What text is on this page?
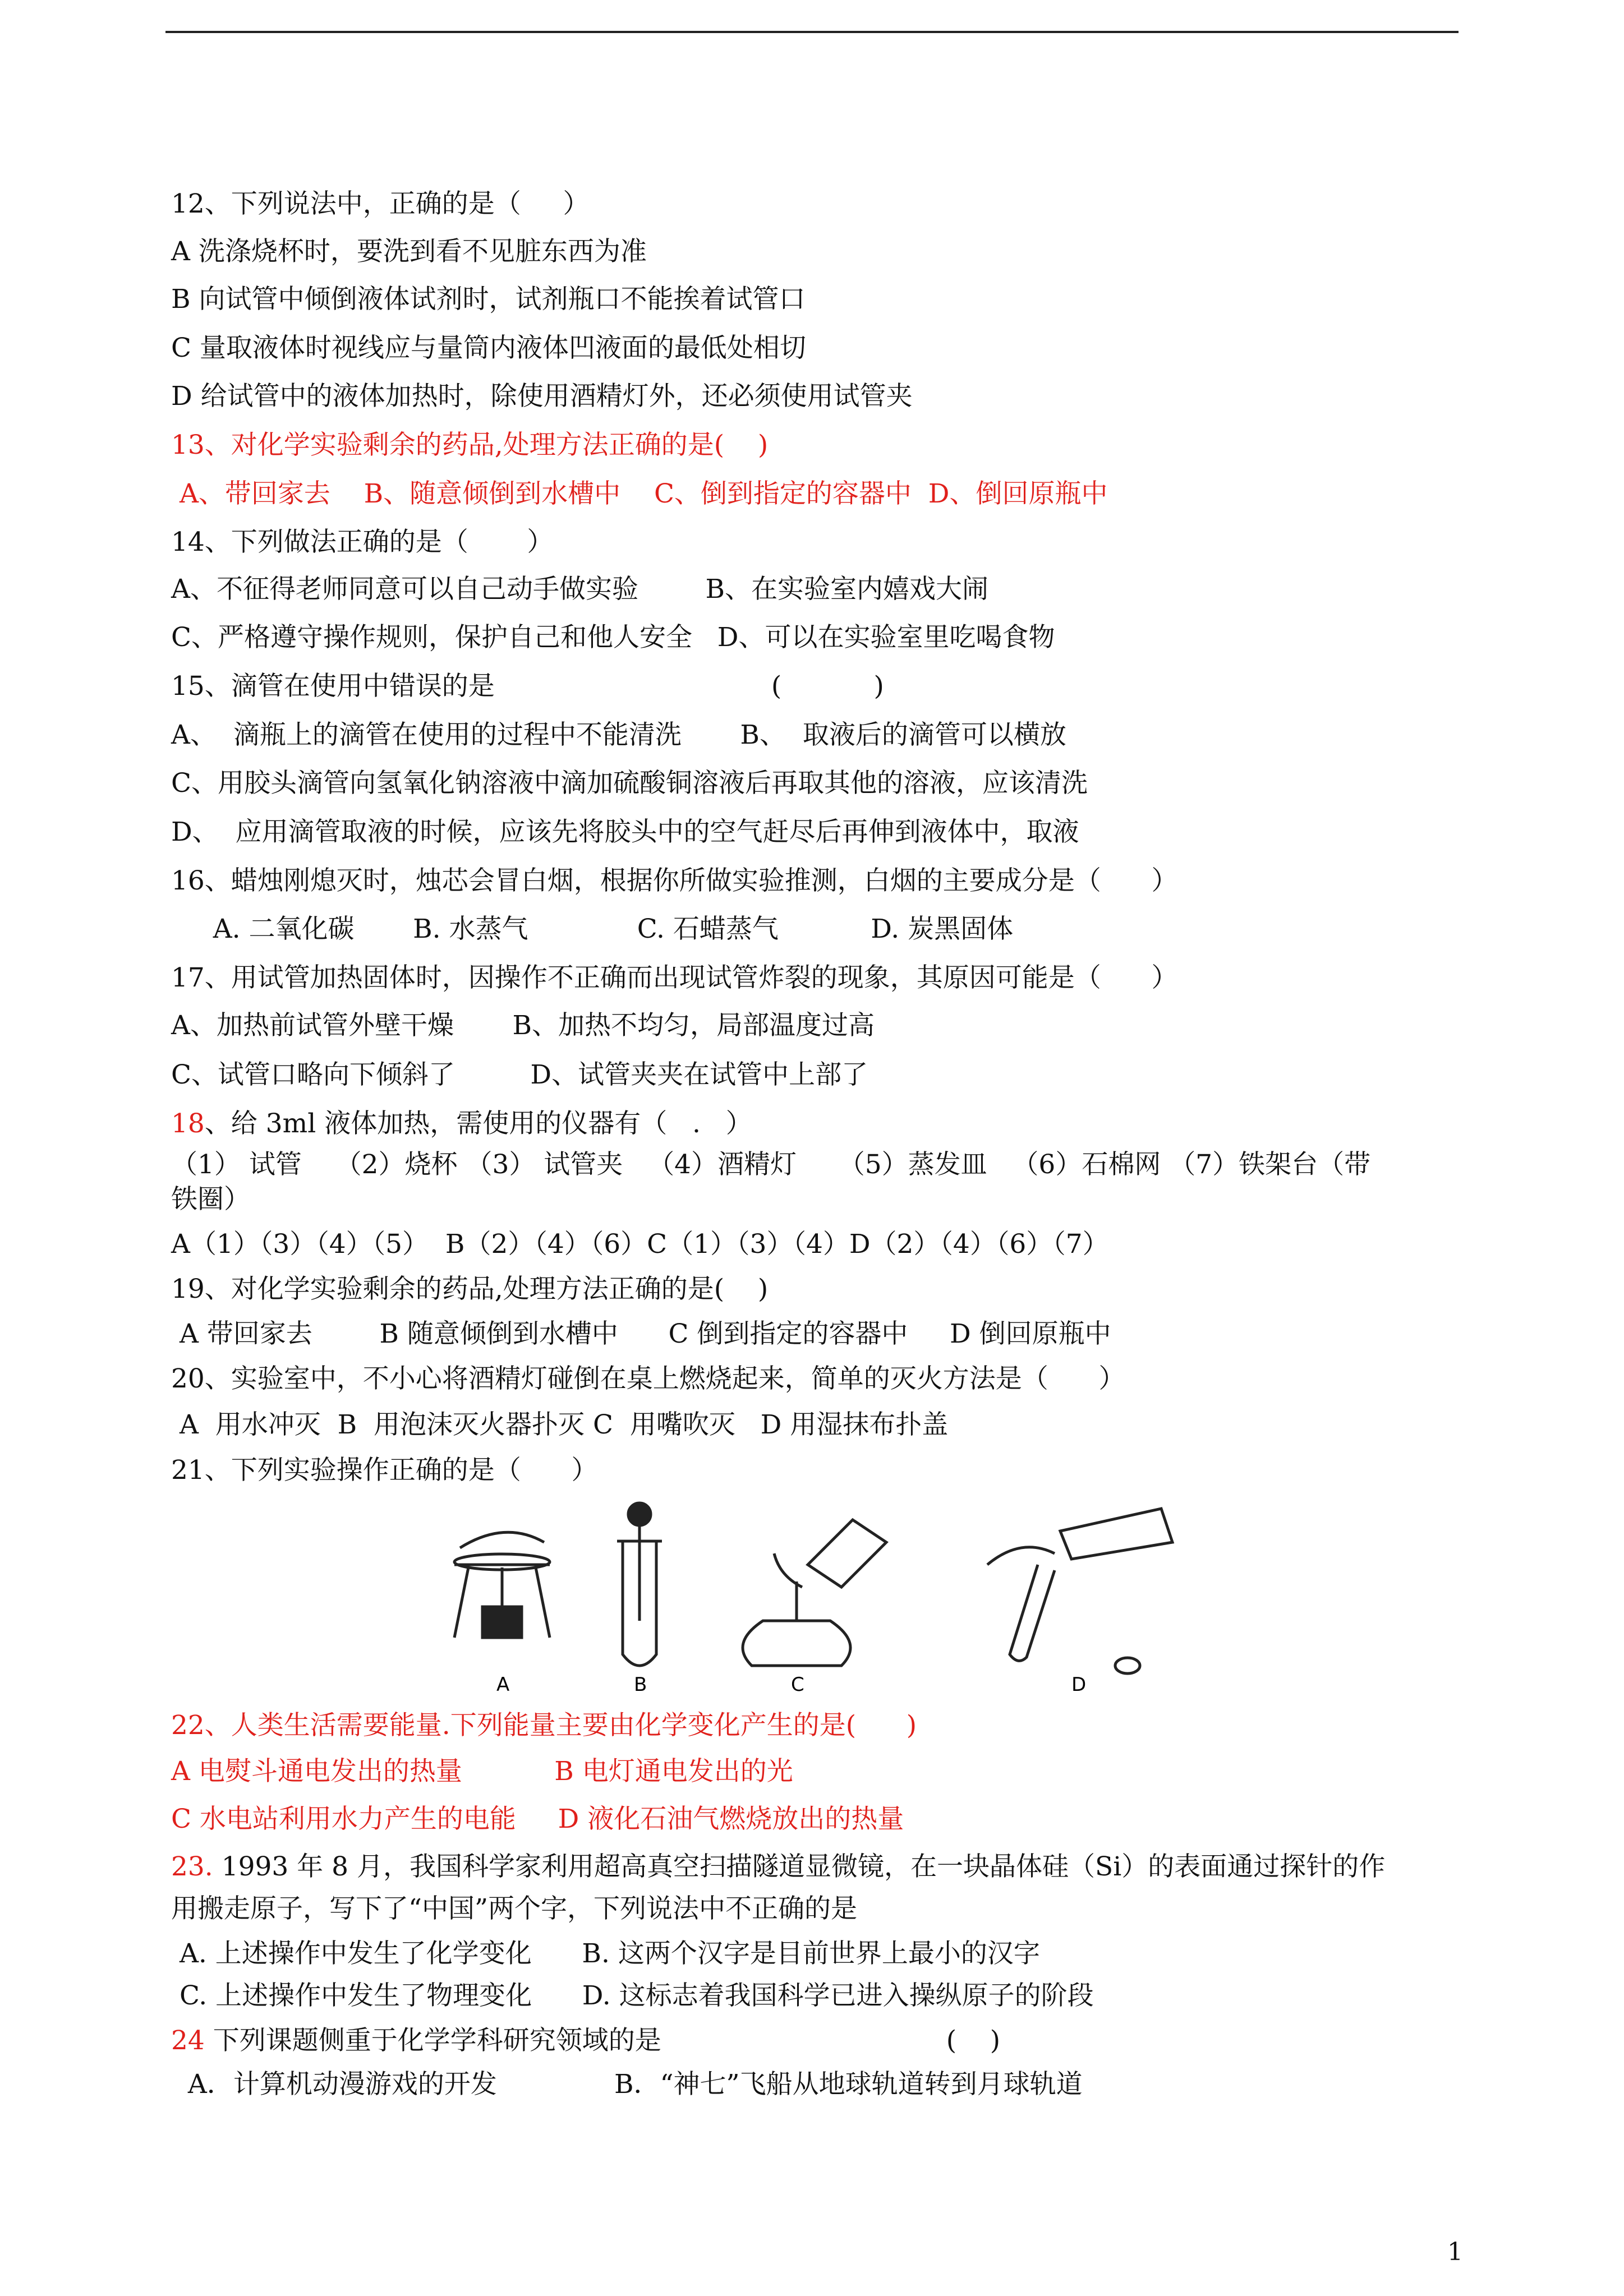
12、下列说法中，正确的是（     ）
A 洗涤烧杯时，要洗到看不见脏东西为准
B 向试管中倾倒液体试剂时，试剂瓶口不能挨着试管口
C 量取液体时视线应与量筒内液体凹液面的最低处相切
D 给试管中的液体加热时，除使用酒精灯外，还必须使用试管夹
13、对化学实验剩余的药品,处理方法正确的是(    )
A、带回家去    B、随意倾倒到水槽中    C、倒到指定的容器中  D、倒回原瓶中
14、下列做法正确的是（       ）
A、不征得老师同意可以自己动手做实验        B、在实验室内嬉戏大闹
C、严格遵守操作规则，保护自己和他人安全   D、可以在实验室里吃喝食物
15、滴管在使用中错误的是                                 (           )
A、  滴瓶上的滴管在使用的过程中不能清洗       B、  取液后的滴管可以横放
C、用胶头滴管向氢氧化钠溶液中滴加硫酸铜溶液后再取其他的溶液，应该清洗
D、  应用滴管取液的时候，应该先将胶头中的空气赶尽后再伸到液体中，取液
16、蜡烛刚熄灭时，烛芯会冒白烟，根据你所做实验推测，白烟的主要成分是（      ）
A. 二氧化碳       B. 水蒸气             C. 石蜡蒸气           D. 炭黑固体
17、用试管加热固体时，因操作不正确而出现试管炸裂的现象，其原因可能是（      ）
A、加热前试管外壁干燥       B、加热不均匀，局部温度过高
C、试管口略向下倾斜了         D、试管夹夹在试管中上部了
18、给 3ml 液体加热，需使用的仪器有（   .   ）
（1） 试管    （2）烧杯 （3） 试管夹   （4）酒精灯     （5）蒸发皿   （6）石棉网 （7）铁架台（带
铁圈）
A（1）（3）（4）（5）  B（2）（4）（6）C（1）（3）（4）D（2）（4）（6）（7）
19、对化学实验剩余的药品,处理方法正确的是(    )
A 带回家去        B 随意倾倒到水槽中      C 倒到指定的容器中     D 倒回原瓶中
20、实验室中，不小心将酒精灯碰倒在桌上燃烧起来，简单的灭火方法是（      ）
A  用水冲灭  B  用泡沫灭火器扑灭 C  用嘴吹灭   D 用湿抹布扑盖
21、下列实验操作正确的是（      ）
22、人类生活需要能量.下列能量主要由化学变化产生的是(      )
A 电熨斗通电发出的热量           B 电灯通电发出的光
C 水电站利用水力产生的电能     D 液化石油气燃烧放出的热量
23. 1993 年 8 月，我国科学家利用超高真空扫描隧道显微镜，在一块晶体硅（Si）的表面通过探针的作
用搬走原子，写下了“中国”两个字，下列说法中不正确的是
A. 上述操作中发生了化学变化      B. 这两个汉字是目前世界上最小的汉字
C. 上述操作中发生了物理变化      D. 这标志着我国科学已进入操纵原子的阶段
24 下列课题侧重于化学学科研究领域的是                                  (    )
A．计算机动漫游戏的开发              B．“神七”飞船从地球轨道转到月球轨道
A	B	C	D
1
